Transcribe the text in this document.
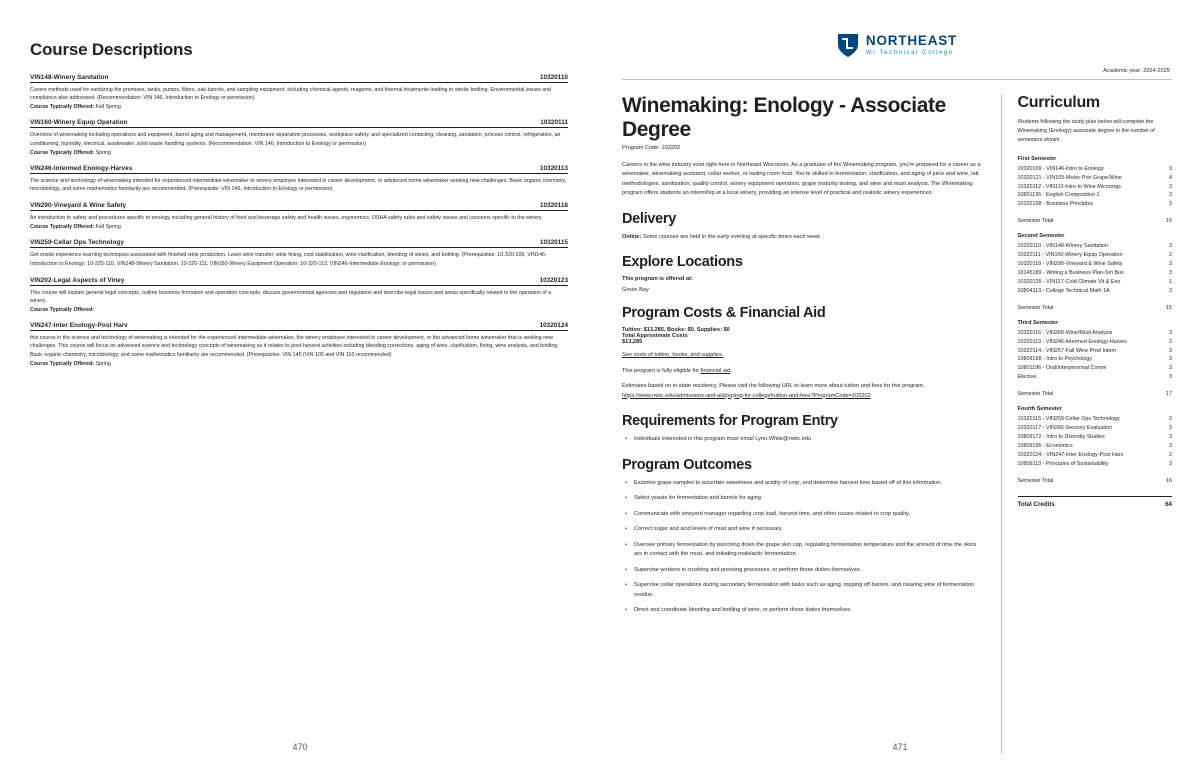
Course Descriptions
VIN148-Winery Sanitation	10320110
Covers methods used for sanitizing the premises, tanks, pumps, filters, oak barrels, and sampling equipment, including chemical agents, reagents, and thermal treatments leading to sterile bottling. Environmental issues and compliance also addressed. (Recommendation: VIN 146, Introduction to Enology or permission)
Course Typically Offered: Fall Spring
VIN160-Winery Equip Operation	10320111
Overview of winemaking including operations and equipment, barrel aging and management, membrane separation processes, workplace safety, and specialized contacting, cleaning, sanitation, process control, refrigeration, air conditioning, humidity, electrical, wastewater, solid waste handling systems. (Recommendation: VIN 146, Introduction to Enology or permission)
Course Typically Offered: Spring
VIN246-Intermed Enology-Harves	10320113
The science and technology of winemaking intended for experienced intermediate winemaker or winery employee interested in career development, or advanced home winemaker seeking new challenges. Basic organic chemistry, microbiology, and some mathematics familiarity are recommended. (Prerequisite: VIN 146, Introduction to Enology or permission)
VIN290-Vineyard & Wine Safety	10320118
An introduction to safety and procedures specific to enology including general history of food and beverage safety and health issues, ergonomics, OSHA safety rules and safety issues and concerns specific to the winery.
Course Typically Offered: Fall Spring
VIN259-Cellar Ops Technology	10320115
Get onsite experience learning techniques associated with finished wine production. Learn wine transfer, wine fining, cold stabilization, wine clarification, blending of wines, and bottling. (Prerequisites: 10-320-109, VIN146-Introduction to Enology; 10-320-110, VIN148-Winery Sanitation; 10-320-111, VIN160-Winery Equipment Operation; 10-320-113, VIN246-Intermediate Enology; or permission)
VIN202-Legal Aspects of Viney	10320123
This course will explain general legal concepts, outline business formation and operation concepts, discuss governmental agencies and regulation and describe legal issues and areas specifically related to the operation of a winery.
Course Typically Offered:
VIN247-Inter Enology-Post Harv	10320124
this course in the science and technology of winemaking is intended for the experienced intermediate winemaker, the winery employee interested in career development, or the advanced home winemaker that is seeking new challenges. This course will focus on advanced science and technology concepts of winemaking as it relates to post-harvest activities including blending corrections, aging of wine, clarification, fining, wine analysis, and bottling. Basic organic chemistry, microbiology, and some mathematics familiarity are recommended. (Prerequisites: VIN 146 (VIN 105 and VIN 110 recommended)
Course Typically Offered: Spring
470
NORTHEAST
WI Technical College
Academic year: 2024-2025
Winemaking: Enology - Associate Degree
Program Code: 103202

Careers in the wine industry exist right here in Northeast Wisconsin. As a graduate of the Winemaking program, you're prepared for a career as a winemaker, winemaking assistant, cellar worker, or tasting room host. You're skilled in fermentation, clarification, and aging of juice and wine, lab methodologies, sanitization, quality control, winery equipment operation, grape maturity testing, and wine and must analysis. The Winemaking program offers students an internship at a local winery, providing an intense level of practical and realistic winery experiences.

Delivery
Online: Some courses are held in the early evening at specific times each week.
Explore Locations
This program is offered at:
Green Bay
Program Costs & Financial Aid
Tuition: $13,285, Books: $0, Supplies: $0
Total Approximate Costs
$13,285
See costs of tuition, books, and supplies.
This program is fully eligible for financial aid.
Estimates based on in-state residency. Please visit the following URL to learn more about tuition and fees for this program.
https://www.nwtc.edu/admissions-and-aid/paying-for-college/tuition-and-fees?ProgramCode=103202
Requirements for Program Entry
• Individuals interested in this program must email Lynn.White@nwtc.edu
Program Outcomes
• Examine grape samples to ascertain sweetness and acidity of crop, and determine harvest time based off of this information.
• Select yeasts for fermentation and barrels for aging.
• Communicate with vineyard manager regarding crop load, harvest time, and other issues related to crop quality.
• Correct sugar and acid levels of must and wine if necessary.
• Oversee primary fermentation by punching down the grape skin cap, regulating fermentation temperature and the amount of time the skins are in contact with the must, and initiating malolactic fermentation.
• Supervise workers in crushing and pressing processes, or perform those duties themselves.
• Supervise cellar operations during secondary fermentation with tasks such as aging, topping off barrels, and clearing wine of fermentation residue.
• Direct and coordinate blending and bottling of wine, or perform those duties themselves.
Curriculum
Students following the study plan below will complete the Winemaking (Enology) associate degree in the number of semesters shown.
First Semester
10320109 - VIN146-Intro to Enology	3
10320121 - VIN105-Molec Prin Grape/Wine	4
10320112 - VIN110-Intro to Wine Microorgs	3
10801136 - English Composition 1	3
10102158 - Business Principles	3
Semester Total	16
Second Semester
10320110 - VIN148-Winery Sanitation	3
10320111 - VIN160-Winery Equip Operation	2
10320118 - VIN290-Vineyard & Wine Safety	3
10145189 - Writing a Business Plan-Sm Bus	3
10320126 - VIN117-Cold Climate Vit & Eno	1
10804113 - College Technical Math 1A	3
Semester Total	15
Third Semester
10320116 - VIN268-Wine/Must Analysis	3
10320113 - VIN246-Intermed Enology-Harves	2
10320114 - VIN257-Fall Wine Prod Intern	3
10809198 - Intro to Psychology	3
10801196 - Oral/Interpersonal Comm	3
Elective	3
Semester Total	17
Fourth Semester
10320115 - VIN259-Cellar Ops Technology	2
10320117 - VIN266-Sensory Evaluation	3
10809172 - Intro to Diversity Studies	3
10809195 - Economics	3
10320124 - VIN247-Inter Enology-Post Harv	2
10806113 - Principles of Sustainability	3
Semester Total	16
Total Credits	64
471
